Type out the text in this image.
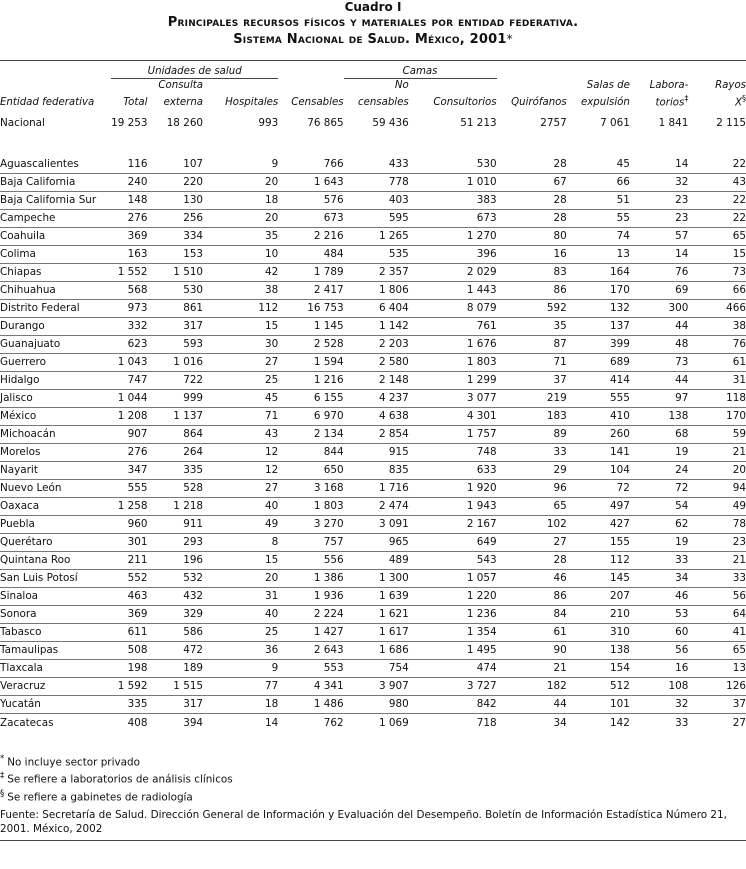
Cuadro I
Principales recursos físicos y materiales por entidad federativa.
Sistema Nacional de Salud. México, 2001*
	Unidades de salud				Camas					
		Consulta			No			Salas de	Labora-	Rayos
Entidad federativa	Total	externa	Hospitales	Censables	censables	Consultorios	Quirófanos	expulsión	torios‡	X§
Nacional	19 253	18 260	993	76 865	59 436	51 213	2757	7 061	1 841	2 115

Aguascalientes	116	107	9	766	433	530	28	45	14	22
Baja California	240	220	20	1 643	778	1 010	67	66	32	43
Baja California Sur	148	130	18	576	403	383	28	51	23	22
Campeche	276	256	20	673	595	673	28	55	23	22
Coahuila	369	334	35	2 216	1 265	1 270	80	74	57	65
Colima	163	153	10	484	535	396	16	13	14	15
Chiapas	1 552	1 510	42	1 789	2 357	2 029	83	164	76	73
Chihuahua	568	530	38	2 417	1 806	1 443	86	170	69	66
Distrito Federal	973	861	112	16 753	6 404	8 079	592	132	300	466
Durango	332	317	15	1 145	1 142	761	35	137	44	38
Guanajuato	623	593	30	2 528	2 203	1 676	87	399	48	76
Guerrero	1 043	1 016	27	1 594	2 580	1 803	71	689	73	61
Hidalgo	747	722	25	1 216	2 148	1 299	37	414	44	31
Jalisco	1 044	999	45	6 155	4 237	3 077	219	555	97	118
México	1 208	1 137	71	6 970	4 638	4 301	183	410	138	170
Michoacán	907	864	43	2 134	2 854	1 757	89	260	68	59
Morelos	276	264	12	844	915	748	33	141	19	21
Nayarit	347	335	12	650	835	633	29	104	24	20
Nuevo León	555	528	27	3 168	1 716	1 920	96	72	72	94
Oaxaca	1 258	1 218	40	1 803	2 474	1 943	65	497	54	49
Puebla	960	911	49	3 270	3 091	2 167	102	427	62	78
Querétaro	301	293	8	757	965	649	27	155	19	23
Quintana Roo	211	196	15	556	489	543	28	112	33	21
San Luis Potosí	552	532	20	1 386	1 300	1 057	46	145	34	33
Sinaloa	463	432	31	1 936	1 639	1 220	86	207	46	56
Sonora	369	329	40	2 224	1 621	1 236	84	210	53	64
Tabasco	611	586	25	1 427	1 617	1 354	61	310	60	41
Tamaulipas	508	472	36	2 643	1 686	1 495	90	138	56	65
Tlaxcala	198	189	9	553	754	474	21	154	16	13
Veracruz	1 592	1 515	77	4 341	3 907	3 727	182	512	108	126
Yucatán	335	317	18	1 486	980	842	44	101	32	37
Zacatecas	408	394	14	762	1 069	718	34	142	33	27
* No incluye sector privado
‡ Se refiere a laboratorios de análisis clínicos
§ Se refiere a gabinetes de radiología
Fuente: Secretaría de Salud. Dirección General de Información y Evaluación del Desempeño. Boletín de Información Estadística Número 21, 2001. México, 2002
